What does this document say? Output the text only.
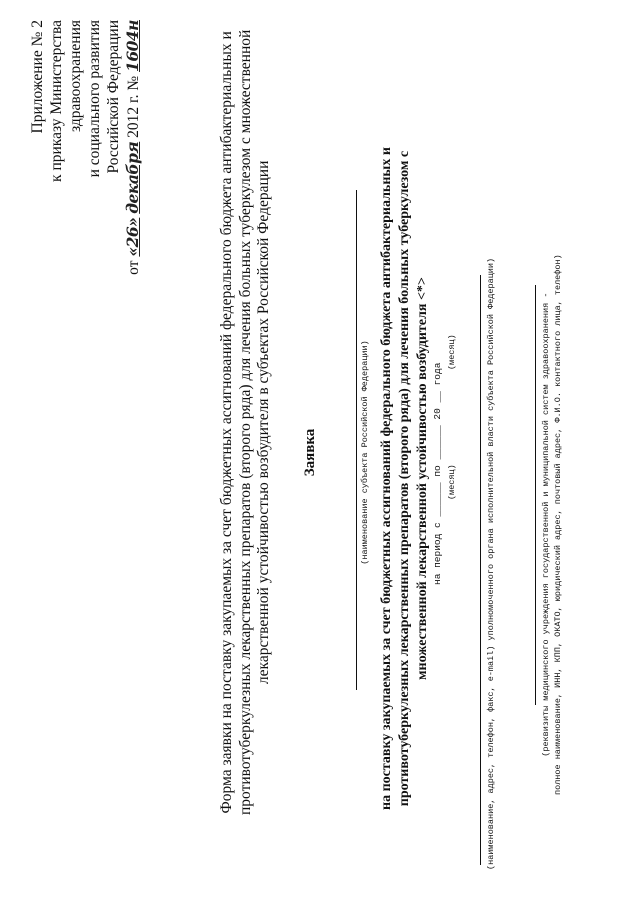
Приложение № 2 к приказу Министерства здравоохранения и социального развития Российской Федерации
от «26» декабря 2012 г. № 1604н	Форма заявки на поставку закупаемых за счет бюджетных ассигнований федерального бюджета антибактериальных и противотуберкулезных лекарственных препаратов (второго ряда) для лечения больных туберкулезом с множественной лекарственной устойчивостью возбудителя в субъектах Российской Федерации Заявка	(наименование субъекта Российской Федерации) на поставку закупаемых за счет бюджетных ассигнований федерального бюджета антибактериальных и противотуберкулезных лекарственных препаратов (второго ряда) для лечения больных туберкулезом с множественной лекарственной устойчивостью возбудителя <*> на период с ______ по ______ 20 __ года
(месяц)
(месяц)	(наименование, адрес, телефон, факс, e-mail) уполномоченного органа исполнительной власти субъекта Российской Федерации)	(реквизиты медицинского учреждения государственной и муниципальной систем здравоохранения - полное наименование, ИНН, КПП, ОКАТО, юридический адрес, почтовый адрес, Ф.И.О. контактного лица, телефон)
